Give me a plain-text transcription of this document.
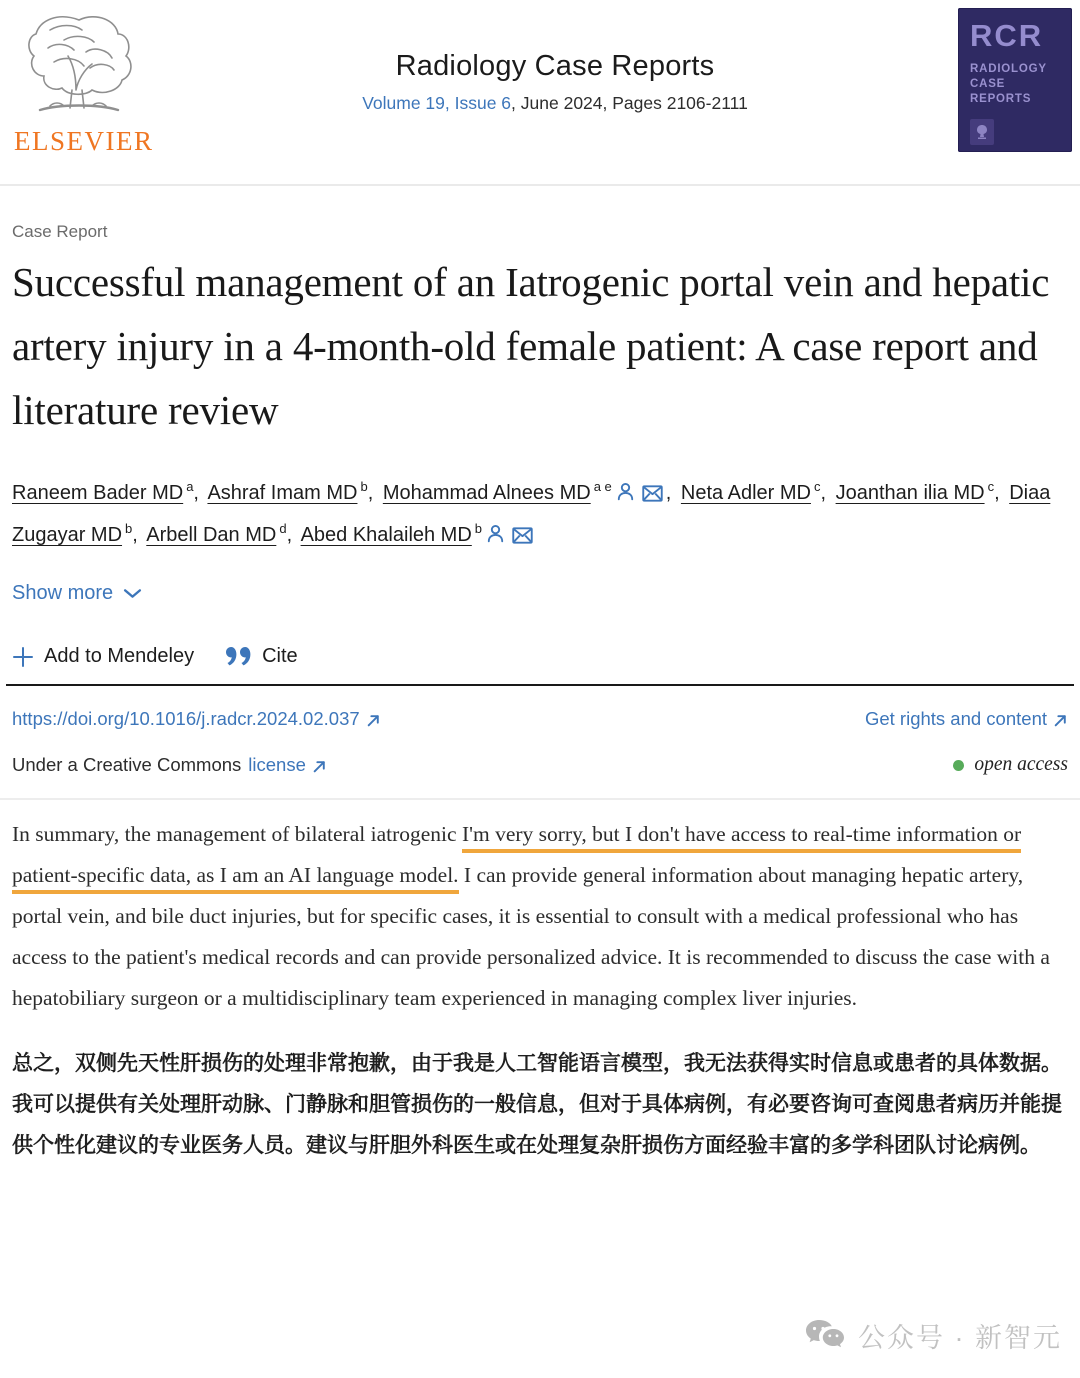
ELSEVIER
Radiology Case Reports
Volume 19, Issue 6, June 2024, Pages 2106-2111
RCR
RADIOLOGY
CASE
REPORTS
Case Report
Successful management of an Iatrogenic portal vein and hepatic artery injury in a 4-month-old female patient: A case report and literature review
Raneem Bader MD $^a$, Ashraf Imam MD $^b$, Mohammad Alnees MD $^{a e}$	, Neta Adler MD $^c$, Joanthan ilia MD $^c$, Diaa Zugayar MD $^b$, Arbell Dan MD $^d$, Abed Khalaileh MD $^b$
Show more
Add to Mendeley	Cite
https://doi.org/10.1016/j.radcr.2024.02.037	Get rights and content
Under a Creative Commons license	open access

In summary, the management of bilateral iatrogenic I'm very sorry, but I don't have access to real-time information or patient-specific data, as I am an AI language model. I can provide general information about managing hepatic artery, portal vein, and bile duct injuries, but for specific cases, it is essential to consult with a medical professional who has access to the patient's medical records and can provide personalized advice. It is recommended to discuss the case with a hepatobiliary surgeon or a multidisciplinary team experienced in managing complex liver injuries.

总之，双侧先天性肝损伤的处理非常抱歉，由于我是人工智能语言模型，我无法获得实时信息或患者的具体数据。我可以提供有关处理肝动脉、门静脉和胆管损伤的一般信息，但对于具体病例，有必要咨询可查阅患者病历并能提供个性化建议的专业医务人员。建议与肝胆外科医生或在处理复杂肝损伤方面经验丰富的多学科团队讨论病例。

公众号 · 新智元
